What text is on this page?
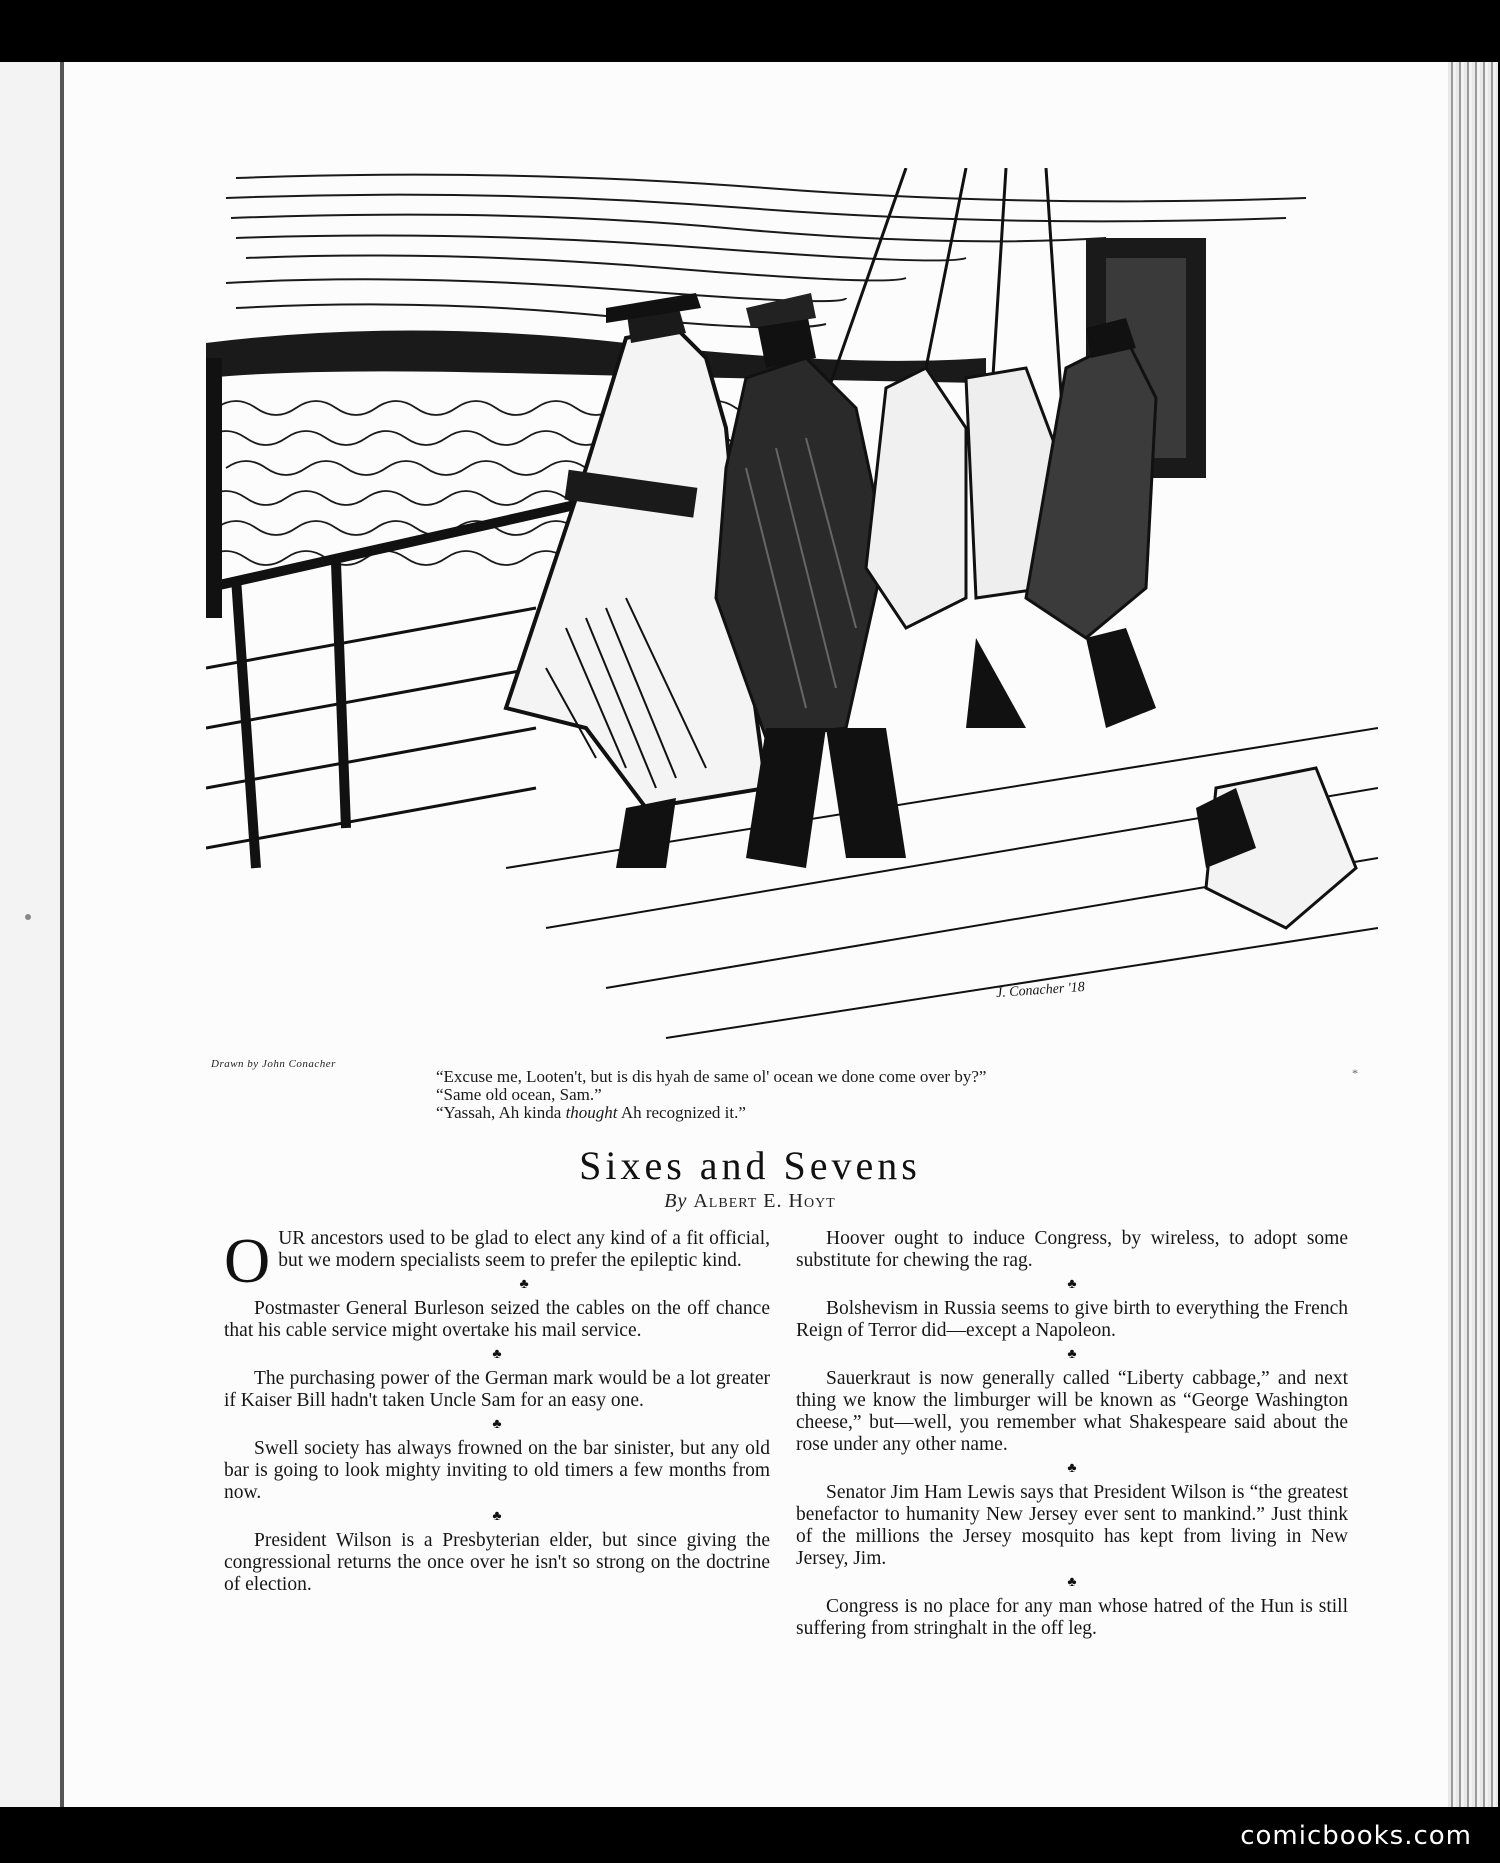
J. Conacher '18
Drawn by John Conacher
“Excuse me, Looten't, but is dis hyah de same ol' ocean we done come over by?”
“Same old ocean, Sam.”
“Yassah, Ah kinda thought Ah recognized it.”
*
Sixes and Sevens
By Albert E. Hoyt

OUR ancestors used to be glad to elect any kind of a fit official, but we modern specialists seem to prefer the epileptic kind.

♣

Postmaster General Burleson seized the cables on the off chance that his cable service might overtake his mail service.

♣

The purchasing power of the German mark would be a lot greater if Kaiser Bill hadn't taken Uncle Sam for an easy one.

♣

Swell society has always frowned on the bar sinister, but any old bar is going to look mighty inviting to old timers a few months from now.

♣

President Wilson is a Presbyterian elder, but since giving the congressional returns the once over he isn't so strong on the doctrine of election.

Hoover ought to induce Congress, by wireless, to adopt some substitute for chewing the rag.

♣

Bolshevism in Russia seems to give birth to everything the French Reign of Terror did—except a Napoleon.

♣

Sauerkraut is now generally called “Liberty cabbage,” and next thing we know the limburger will be known as “George Washington cheese,” but—well, you remember what Shakespeare said about the rose under any other name.

♣

Senator Jim Ham Lewis says that President Wilson is “the greatest benefactor to humanity New Jersey ever sent to mankind.” Just think of the millions the Jersey mosquito has kept from living in New Jersey, Jim.

♣

Congress is no place for any man whose hatred of the Hun is still suffering from stringhalt in the off leg.

comicbooks.com
